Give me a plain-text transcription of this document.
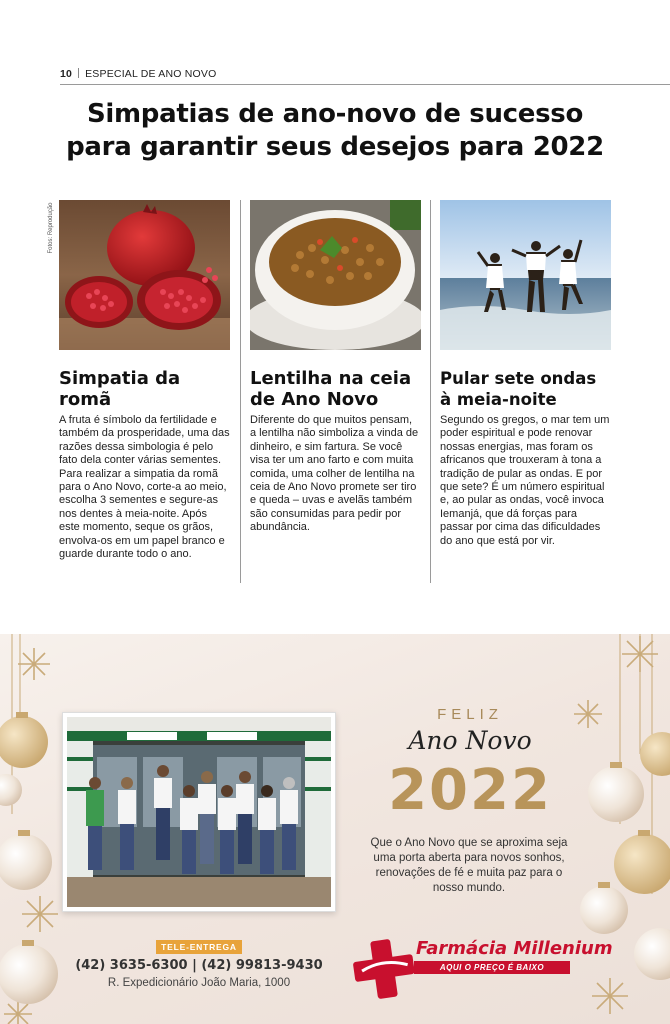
10 ESPECIAL DE ANO NOVO
Simpatias de ano-novo de sucesso
para garantir seus desejos para 2022
Fotos: Reprodução
Simpatia da romã

A fruta é símbolo da fertilidade e também da prosperidade, uma das razões dessa simbologia é pelo fato dela conter várias sementes. Para realizar a simpatia da romã para o Ano Novo, corte-a ao meio, escolha 3 sementes e segure-as nos dentes à meia-noite. Após este momento, seque os grãos, envolva-os em um papel branco e guarde durante todo o ano.

Lentilha na ceia de Ano Novo

Diferente do que muitos pensam, a lentilha não simboliza a vinda de dinheiro, e sim fartura. Se você visa ter um ano farto e com muita comida, uma colher de lentilha na ceia de Ano Novo promete ser tiro e queda – uvas e avelãs também são consumidas para pedir por abundância.

Pular sete ondas à meia-noite

Segundo os gregos, o mar tem um poder espiritual e pode renovar nossas energias, mas foram os africanos que trouxeram à tona a tradição de pular as ondas. E por que sete? É um número espiritual e, ao pular as ondas, você invoca Iemanjá, que dá forças para passar por cima das dificuldades do ano que está por vir.

FELIZ
Ano Novo
2022
Que o Ano Novo que se aproxima seja uma porta aberta para novos sonhos, renovações de fé e muita paz para o nosso mundo.
TELE-ENTREGA
(42) 3635-6300 | (42) 99813-9430
R. Expedicionário João Maria, 1000
Farmácia Millenium
AQUI O PREÇO É BAIXO
